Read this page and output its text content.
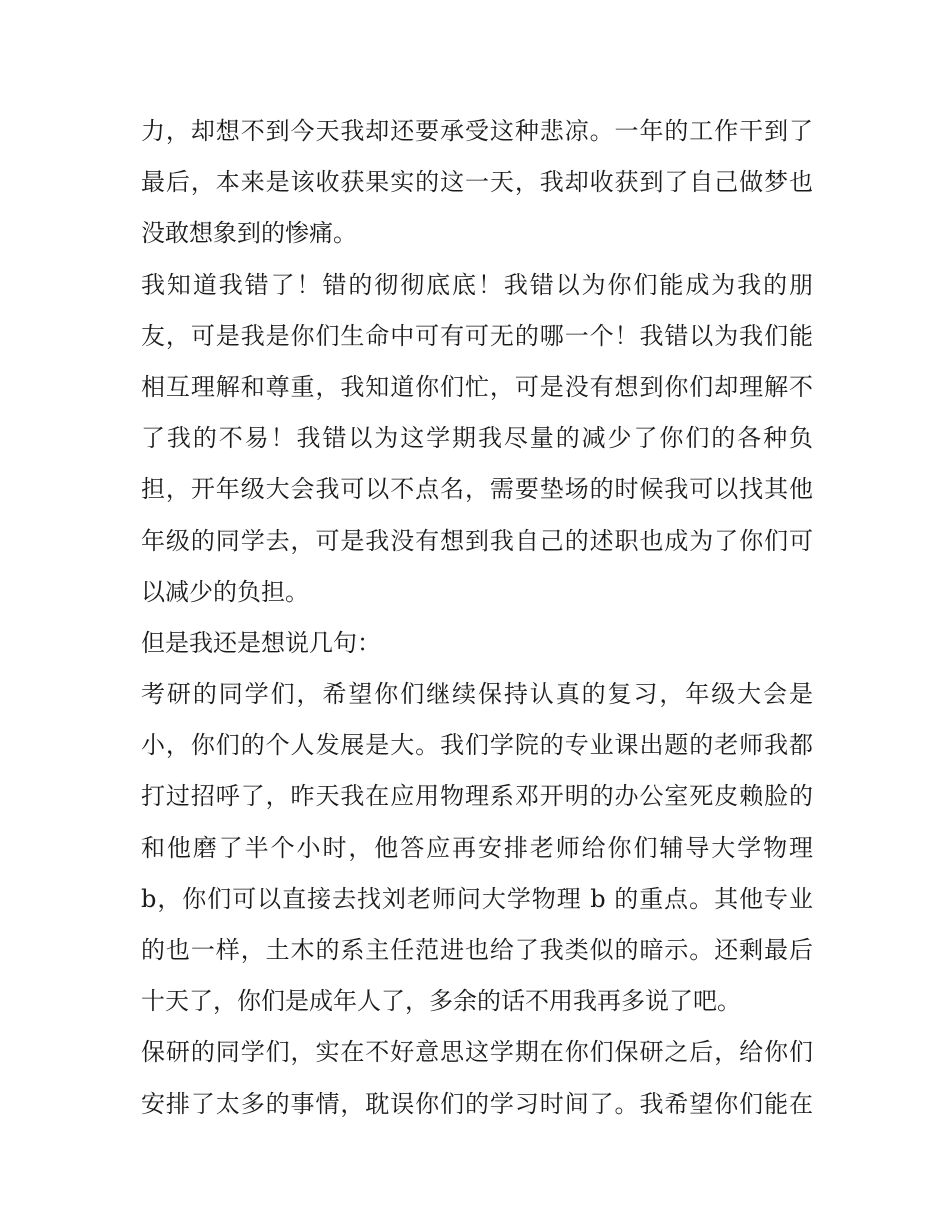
力，却想不到今天我却还要承受这种悲凉。一年的工作干到了
最后，本来是该收获果实的这一天，我却收获到了自己做梦也
没敢想象到的惨痛。
我知道我错了！错的彻彻底底！我错以为你们能成为我的朋
友，可是我是你们生命中可有可无的哪一个！我错以为我们能
相互理解和尊重，我知道你们忙，可是没有想到你们却理解不
了我的不易！我错以为这学期我尽量的减少了你们的各种负
担，开年级大会我可以不点名，需要垫场的时候我可以找其他
年级的同学去，可是我没有想到我自己的述职也成为了你们可
以减少的负担。
但是我还是想说几句：
考研的同学们，希望你们继续保持认真的复习，年级大会是
小，你们的个人发展是大。我们学院的专业课出题的老师我都
打过招呼了，昨天我在应用物理系邓开明的办公室死皮赖脸的
和他磨了半个小时，他答应再安排老师给你们辅导大学物理
b，你们可以直接去找刘老师问大学物理 b 的重点。其他专业
的也一样，土木的系主任范进也给了我类似的暗示。还剩最后
十天了，你们是成年人了，多余的话不用我再多说了吧。
保研的同学们，实在不好意思这学期在你们保研之后，给你们
安排了太多的事情，耽误你们的学习时间了。我希望你们能在
